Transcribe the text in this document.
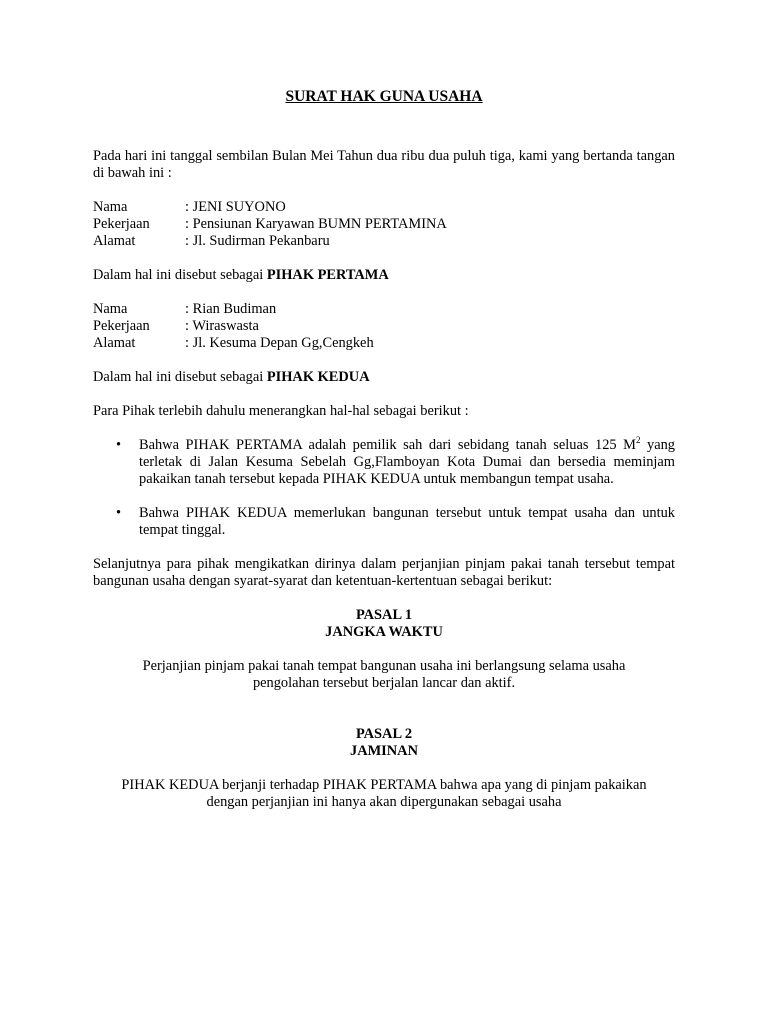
SURAT HAK GUNA USAHA

Pada hari ini tanggal sembilan Bulan Mei Tahun dua ribu dua puluh tiga, kami yang bertanda tangan di bawah ini :

Nama	: JENI SUYONO
Pekerjaan	: Pensiunan Karyawan BUMN PERTAMINA
Alamat	: Jl. Sudirman Pekanbaru

Dalam hal ini disebut sebagai PIHAK PERTAMA

Nama	: Rian Budiman
Pekerjaan	: Wiraswasta
Alamat	: Jl. Kesuma Depan Gg,Cengkeh

Dalam hal ini disebut sebagai PIHAK KEDUA

Para Pihak terlebih dahulu menerangkan hal-hal sebagai berikut :

• Bahwa PIHAK PERTAMA adalah pemilik sah dari sebidang tanah seluas 125 $M^2$ yang terletak di Jalan Kesuma Sebelah Gg,Flamboyan Kota Dumai dan bersedia meminjam pakaikan tanah tersebut kepada PIHAK KEDUA untuk membangun tempat usaha.
• Bahwa PIHAK KEDUA memerlukan bangunan tersebut untuk tempat usaha dan untuk tempat tinggal.

Selanjutnya para pihak mengikatkan dirinya dalam perjanjian pinjam pakai tanah tersebut tempat bangunan usaha dengan syarat-syarat dan ketentuan-kertentuan sebagai berikut:

PASAL 1

JANGKA WAKTU

Perjanjian pinjam pakai tanah tempat bangunan usaha ini berlangsung selama usaha

pengolahan tersebut berjalan lancar dan aktif.

PASAL 2

JAMINAN

PIHAK KEDUA berjanji terhadap PIHAK PERTAMA bahwa apa yang di pinjam pakaikan

dengan perjanjian ini hanya akan dipergunakan sebagai usaha
